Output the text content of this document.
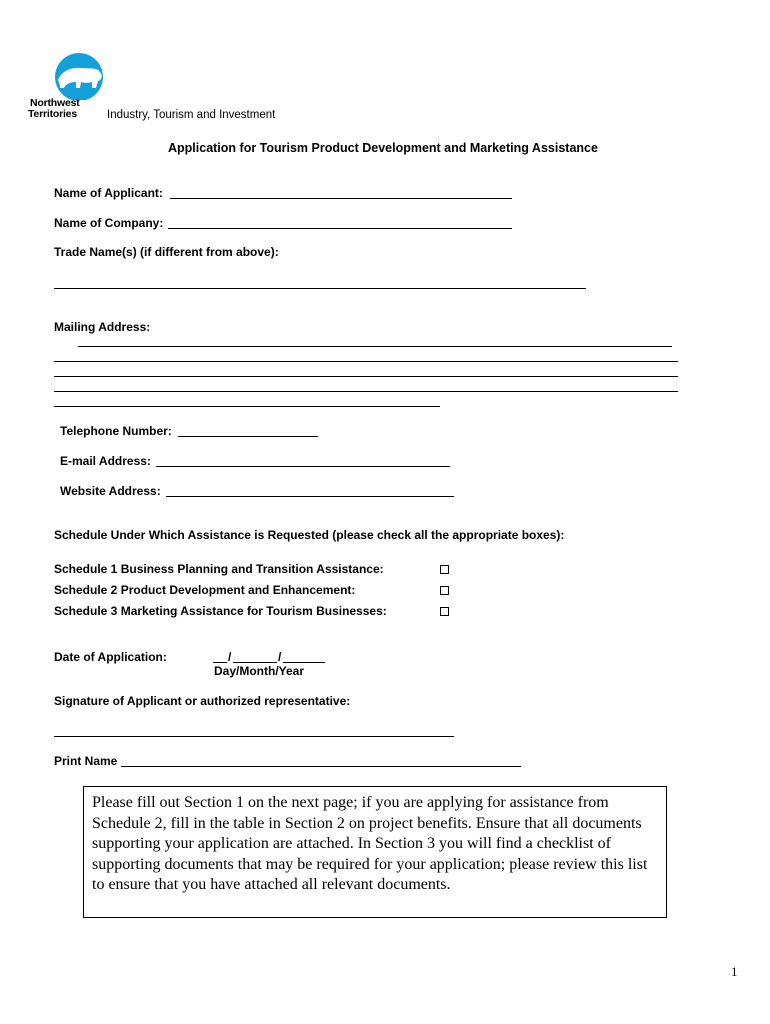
Northwest
Territories	Industry, Tourism and Investment
Application for Tourism Product Development and Marketing Assistance
Name of Applicant:
Name of Company:
Trade Name(s) (if different from above):
Mailing Address:
Telephone Number:
E-mail Address:
Website Address:
Schedule Under Which Assistance is Requested (please check all the appropriate boxes):
Schedule 1 Business Planning and Transition Assistance:
Schedule 2 Product Development and Enhancement:
Schedule 3 Marketing Assistance for Tourism Businesses:
Date of Application:	/	/
Day/Month/Year
Signature of Applicant or authorized representative:
Print Name
Please fill out Section 1 on the next page; if you are applying for assistance from Schedule 2, fill in the table in Section 2 on project benefits. Ensure that all documents supporting your application are attached. In Section 3 you will find a checklist of supporting documents that may be required for your application; please review this list to ensure that you have attached all relevant documents.
1
